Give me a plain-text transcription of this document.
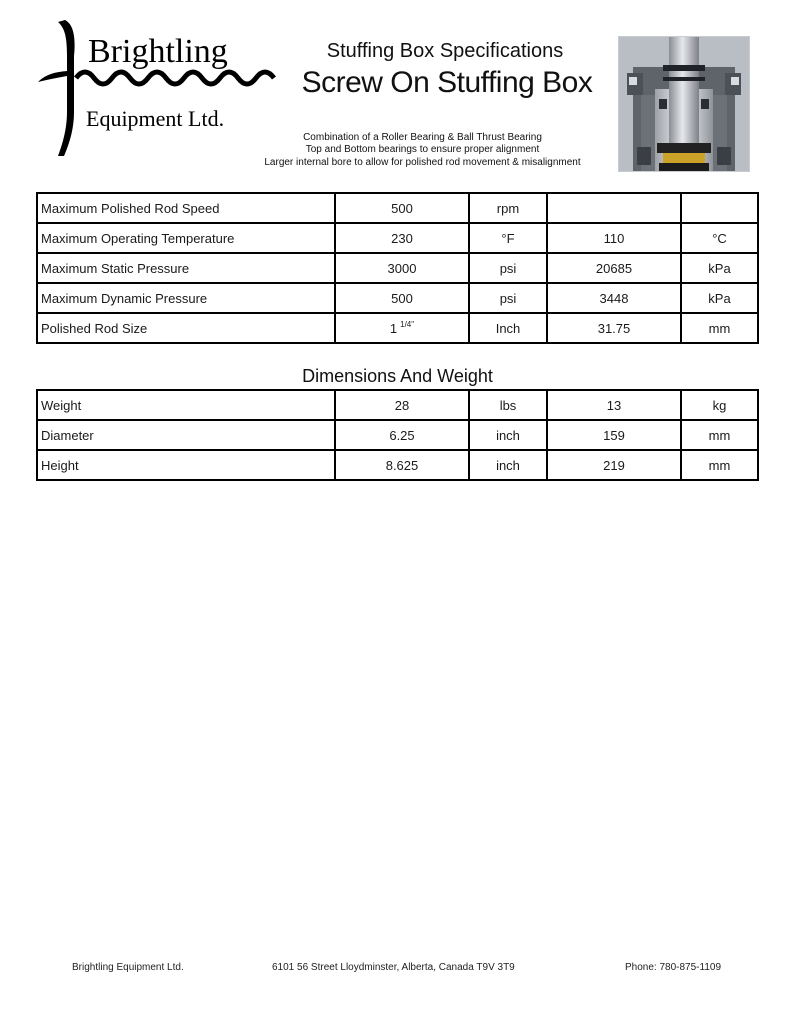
Brightling
Equipment Ltd.
Stuffing Box Specifications
Screw On Stuffing Box
Combination of a Roller Bearing & Ball Thrust Bearing
Top and Bottom bearings to ensure proper alignment
Larger internal bore to allow for polished rod movement & misalignment
Maximum Polished Rod Speed	500	rpm		
Maximum Operating Temperature	230	°F	110	°C
Maximum Static Pressure	3000	psi	20685	kPa
Maximum Dynamic Pressure	500	psi	3448	kPa
Polished Rod Size	1 $^{1/4"}$	Inch	31.75	mm
Dimensions And Weight
Weight	28	lbs	13	kg
Diameter	6.25	inch	159	mm
Height	8.625	inch	219	mm
Brightling Equipment Ltd.	6101 56 Street Lloydminster, Alberta, Canada T9V 3T9	Phone: 780-875-1109
